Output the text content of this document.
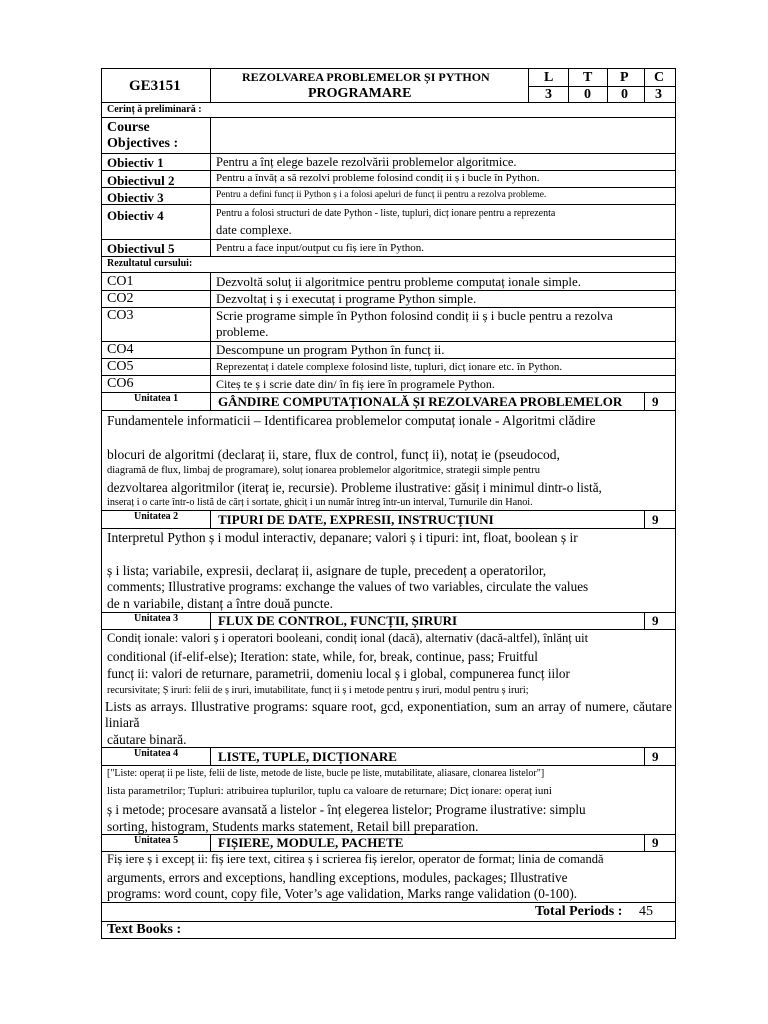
GE3151
REZOLVAREA PROBLEMELOR ȘI PYTHON
PROGRAMARE
L T P C
3 0 0 3
Cerinț ă preliminară :
Course
Objectives :
Obiectiv 1	Pentru a înț elege bazele rezolvării problemelor algoritmice.
Obiectivul 2	Pentru a învăț a să rezolvi probleme folosind condiț ii ș i bucle în Python.
Obiectiv 3	Pentru a defini funcț ii Python ș i a folosi apeluri de funcț ii pentru a rezolva probleme.
Obiectiv 4	Pentru a folosi structuri de date Python - liste, tupluri, dicț ionare pentru a reprezenta
date complexe.
Obiectivul 5	Pentru a face input/output cu fiș iere în Python.
Rezultatul cursului:
CO1	Dezvoltă soluț ii algoritmice pentru probleme computaț ionale simple.
CO2	Dezvoltaț i ș i executaț i programe Python simple.
CO3	Scrie programe simple în Python folosind condiț ii ș i bucle pentru a rezolva
probleme.
CO4	Descompune un program Python în funcț ii.
CO5	Reprezentaț i datele complexe folosind liste, tupluri, dicț ionare etc. în Python.
CO6	Citeș te ș i scrie date din/ în fiș iere în programele Python.
Unitatea 1	GÂNDIRE COMPUTAȚIONALĂ ȘI REZOLVAREA PROBLEMELOR 9
Fundamentele informaticii – Identificarea problemelor computaț ionale - Algoritmi clădire
blocuri de algoritmi (declaraț ii, stare, flux de control, funcț ii), notaț ie (pseudocod,
diagramă de flux, limbaj de programare), soluț ionarea problemelor algoritmice, strategii simple pentru
dezvoltarea algoritmilor (iteraț ie, recursie). Probleme ilustrative: găsiț i minimul dintr-o listă,
inseraț i o carte într-o listă de cărț i sortate, ghiciț i un număr întreg într-un interval, Turnurile din Hanoi.
Unitatea 2	TIPURI DE DATE, EXPRESII, INSTRUCȚIUNI	9
Interpretul Python ș i modul interactiv, depanare; valori ș i tipuri: int, float, boolean ș ir
ș i lista; variabile, expresii, declaraț ii, asignare de tuple, precedenț a operatorilor,
comments; Illustrative programs: exchange the values of two variables, circulate the values
de n variabile, distanț a între două puncte.
Unitatea 3	FLUX DE CONTROL, FUNCȚII, ȘIRURI	9
Condiț ionale: valori ș i operatori booleani, condiț ional (dacă), alternativ (dacă-altfel), înlănț uit
conditional (if-elif-else); Iteration: state, while, for, break, continue, pass; Fruitful
funcț ii: valori de returnare, parametrii, domeniu local ș i global, compunerea funcț iilor
recursivitate; Ș iruri: felii de ș iruri, imutabilitate, funcț ii ș i metode pentru ș iruri, modul pentru ș iruri;
Lists as arrays. Illustrative programs: square root, gcd, exponentiation, sum an array of numere, căutare liniară
căutare binară.
Unitatea 4	LISTE, TUPLE, DICȚIONARE	9
["Liste: operaț ii pe liste, felii de liste, metode de liste, bucle pe liste, mutabilitate, aliasare, clonarea listelor"]
lista parametrilor; Tupluri: atribuirea tuplurilor, tuplu ca valoare de returnare; Dicț ionare: operaț iuni
ș i metode; procesare avansată a listelor - înț elegerea listelor; Programe ilustrative: simplu
sorting, histogram, Students marks statement, Retail bill preparation.
Unitatea 5	FIȘIERE, MODULE, PACHETE	9
Fiș iere ș i excepț ii: fiș iere text, citirea ș i scrierea fiș ierelor, operator de format; linia de comandă
arguments, errors and exceptions, handling exceptions, modules, packages; Illustrative
programs: word count, copy file, Voter’s age validation, Marks range validation (0-100).
Total Periods : 45
Text Books :
